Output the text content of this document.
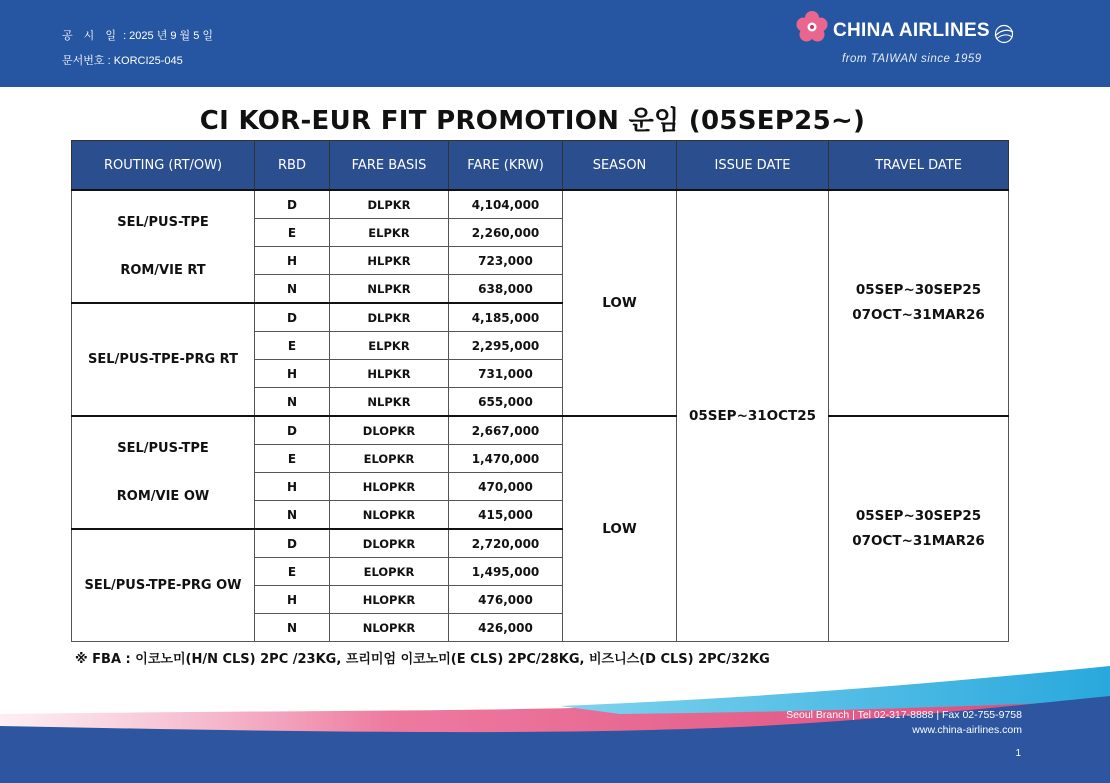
공 시 일 : 2025 년 9 월 5 일
문서번호 : KORCI25-045
CHINA AIRLINES
from TAIWAN since 1959
CI KOR-EUR FIT PROMOTION 운임 (05SEP25~)
ROUTING (RT/OW)	RBD	FARE BASIS	FARE (KRW)	SEASON	ISSUE DATE	TRAVEL DATE

SEL/PUS-TPE
ROM/VIE RT	D	DLPKR	4,104,000	LOW	05SEP~31OCT25	05SEP~30SEP25
07OCT~31MAR26

	E	ELPKR	2,260,000			
	H	HLPKR	723,000			
	N	NLPKR	638,000			

SEL/PUS-TPE-PRG RT	D	DLPKR	4,185,000			
	E	ELPKR	2,295,000			
	H	HLPKR	731,000			
	N	NLPKR	655,000			

SEL/PUS-TPE
ROM/VIE OW	D	DLOPKR	2,667,000	LOW		05SEP~30SEP25
07OCT~31MAR26

	E	ELOPKR	1,470,000			
	H	HLOPKR	470,000			
	N	NLOPKR	415,000			

SEL/PUS-TPE-PRG OW	D	DLOPKR	2,720,000			
	E	ELOPKR	1,495,000			
	H	HLOPKR	476,000			
	N	NLOPKR	426,000			
※ FBA : 이코노미(H/N CLS) 2PC /23KG, 프리미엄 이코노미(E CLS) 2PC/28KG, 비즈니스(D CLS) 2PC/32KG
Seoul Branch | Tel 02-317-8888 | Fax 02-755-9758
www.china-airlines.com
1
